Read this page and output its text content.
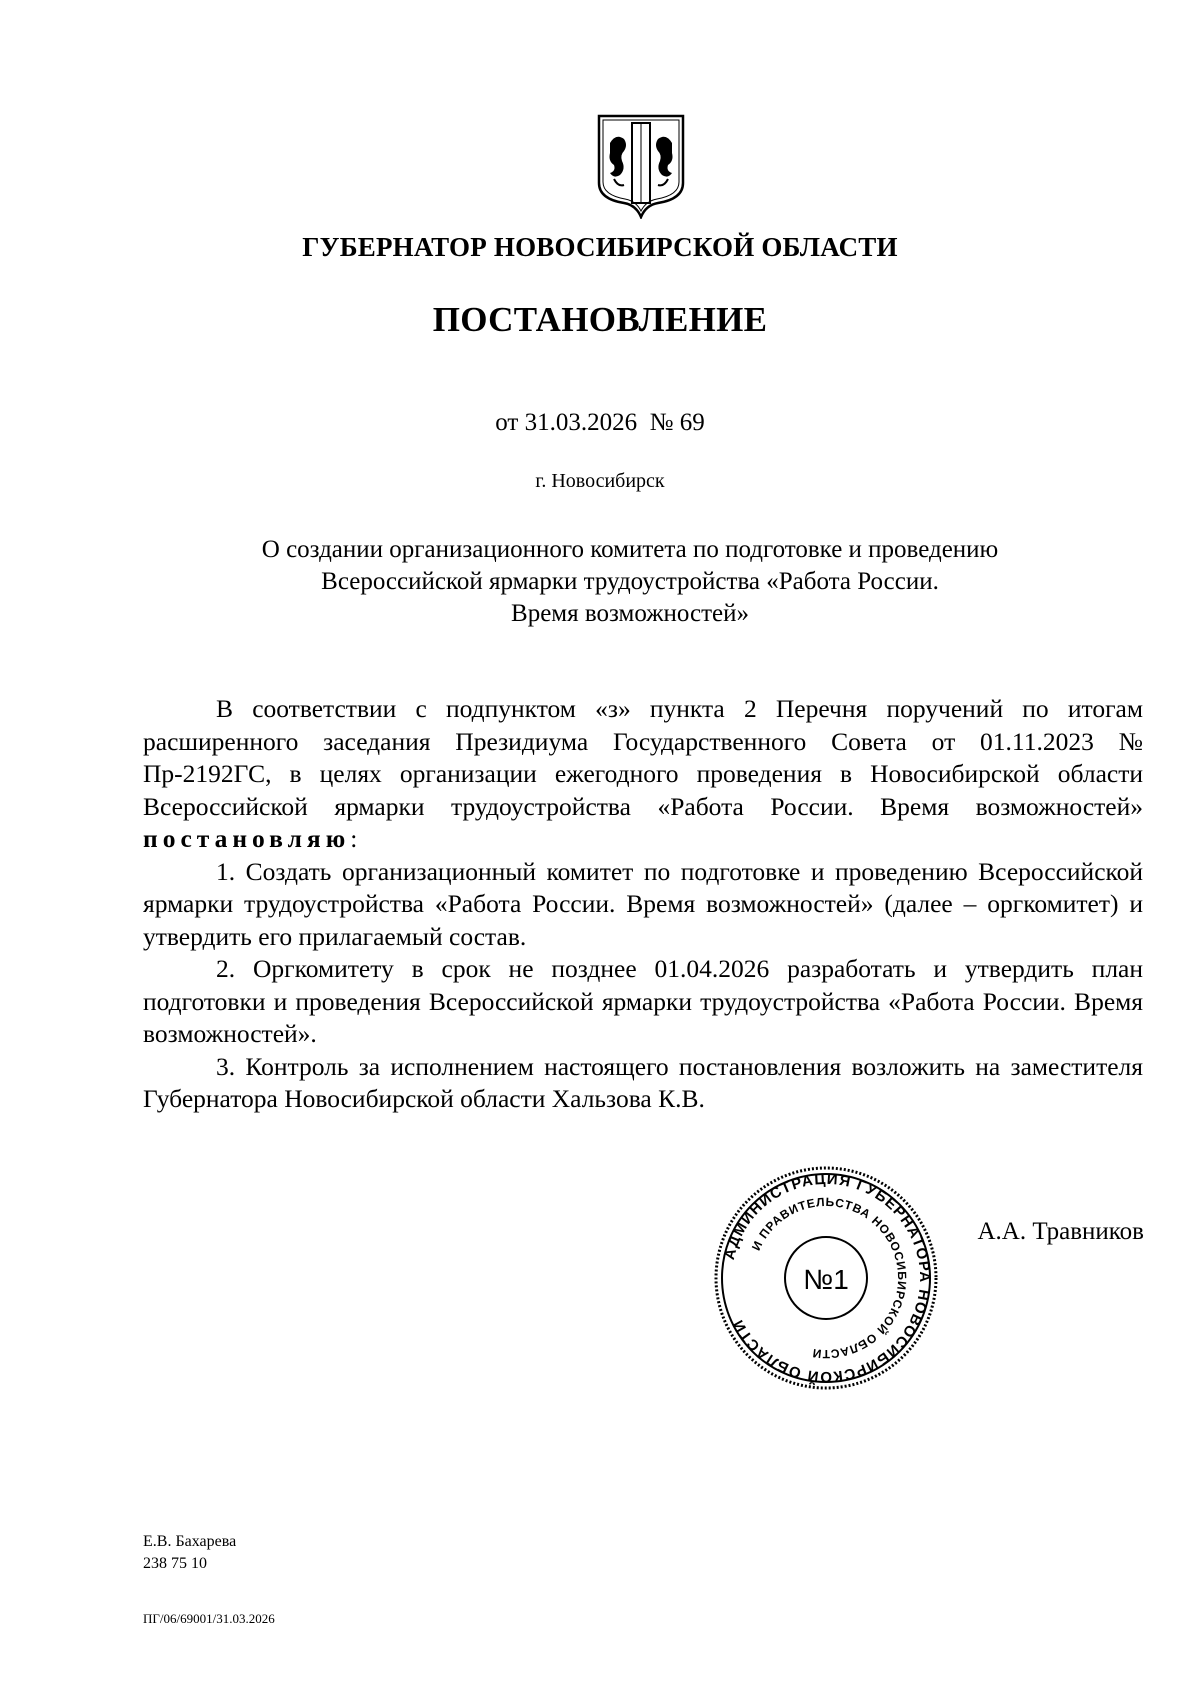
ГУБЕРНАТОР НОВОСИБИРСКОЙ ОБЛАСТИ
ПОСТАНОВЛЕНИЕ
от 31.03.2026 № 69
г. Новосибирск
О создании организационного комитета по подготовке и проведению
Всероссийской ярмарки трудоустройства «Работа России.
Время возможностей»

В соответствии с подпунктом «з» пункта 2 Перечня поручений по итогам расширенного заседания Президиума Государственного Совета от 01.11.2023 № Пр-2192ГС, в целях организации ежегодного проведения в Новосибирской области Всероссийской ярмарки трудоустройства «Работа России. Время возможностей» постановляю:

1. Создать организационный комитет по подготовке и проведению Всероссийской ярмарки трудоустройства «Работа России. Время возможностей» (далее – оргкомитет) и утвердить его прилагаемый состав.

2. Оргкомитету в срок не позднее 01.04.2026 разработать и утвердить план подготовки и проведения Всероссийской ярмарки трудоустройства «Работа России. Время возможностей».

3. Контроль за исполнением настоящего постановления возложить на заместителя Губернатора Новосибирской области Хальзова К.В.

АДМИНИСТРАЦИЯ ГУБЕРНАТОРА НОВОСИБИРСКОЙ ОБЛАСТИ
И ПРАВИТЕЛЬСТВА НОВОСИБИРСКОЙ ОБЛАСТИ
№1
А.А. Травников
Е.В. Бахарева
238 75 10
ПГ/06/69001/31.03.2026
